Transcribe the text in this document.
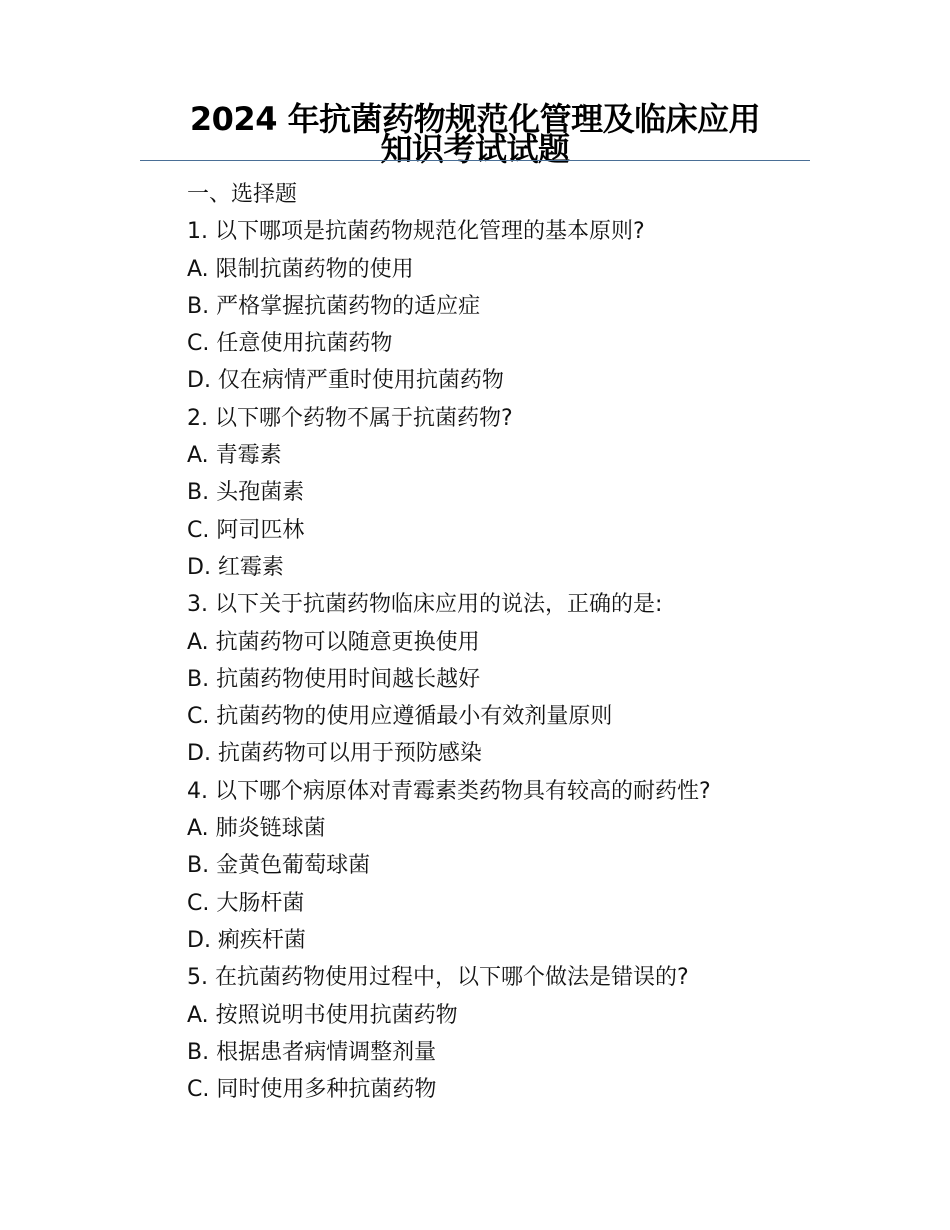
2024 年抗菌药物规范化管理及临床应用
知识考试试题
一、选择题
1. 以下哪项是抗菌药物规范化管理的基本原则?
A. 限制抗菌药物的使用
B. 严格掌握抗菌药物的适应症
C. 任意使用抗菌药物
D. 仅在病情严重时使用抗菌药物
2. 以下哪个药物不属于抗菌药物?
A. 青霉素
B. 头孢菌素
C. 阿司匹林
D. 红霉素
3. 以下关于抗菌药物临床应用的说法，正确的是:
A. 抗菌药物可以随意更换使用
B. 抗菌药物使用时间越长越好
C. 抗菌药物的使用应遵循最小有效剂量原则
D. 抗菌药物可以用于预防感染
4. 以下哪个病原体对青霉素类药物具有较高的耐药性?
A. 肺炎链球菌
B. 金黄色葡萄球菌
C. 大肠杆菌
D. 痢疾杆菌
5. 在抗菌药物使用过程中，以下哪个做法是错误的?
A. 按照说明书使用抗菌药物
B. 根据患者病情调整剂量
C. 同时使用多种抗菌药物
